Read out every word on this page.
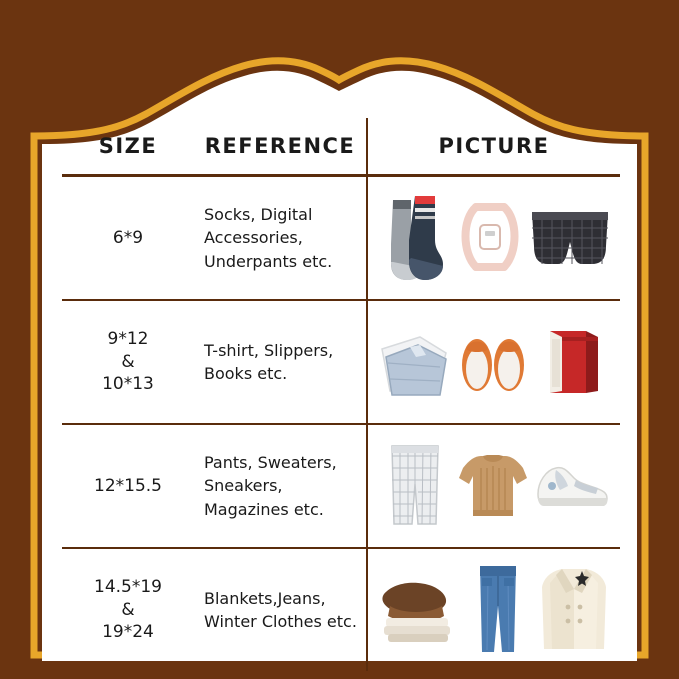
SIZE	REFERENCE	PICTURE
6*9	Socks, Digital Accessories, Underpants etc.	

9*12
&
10*13	T-shirt, Slippers, Books etc.	

12*15.5	Pants, Sweaters, Sneakers, Magazines etc.	

14.5*19
&
19*24	Blankets,Jeans, Winter Clothes etc.	
